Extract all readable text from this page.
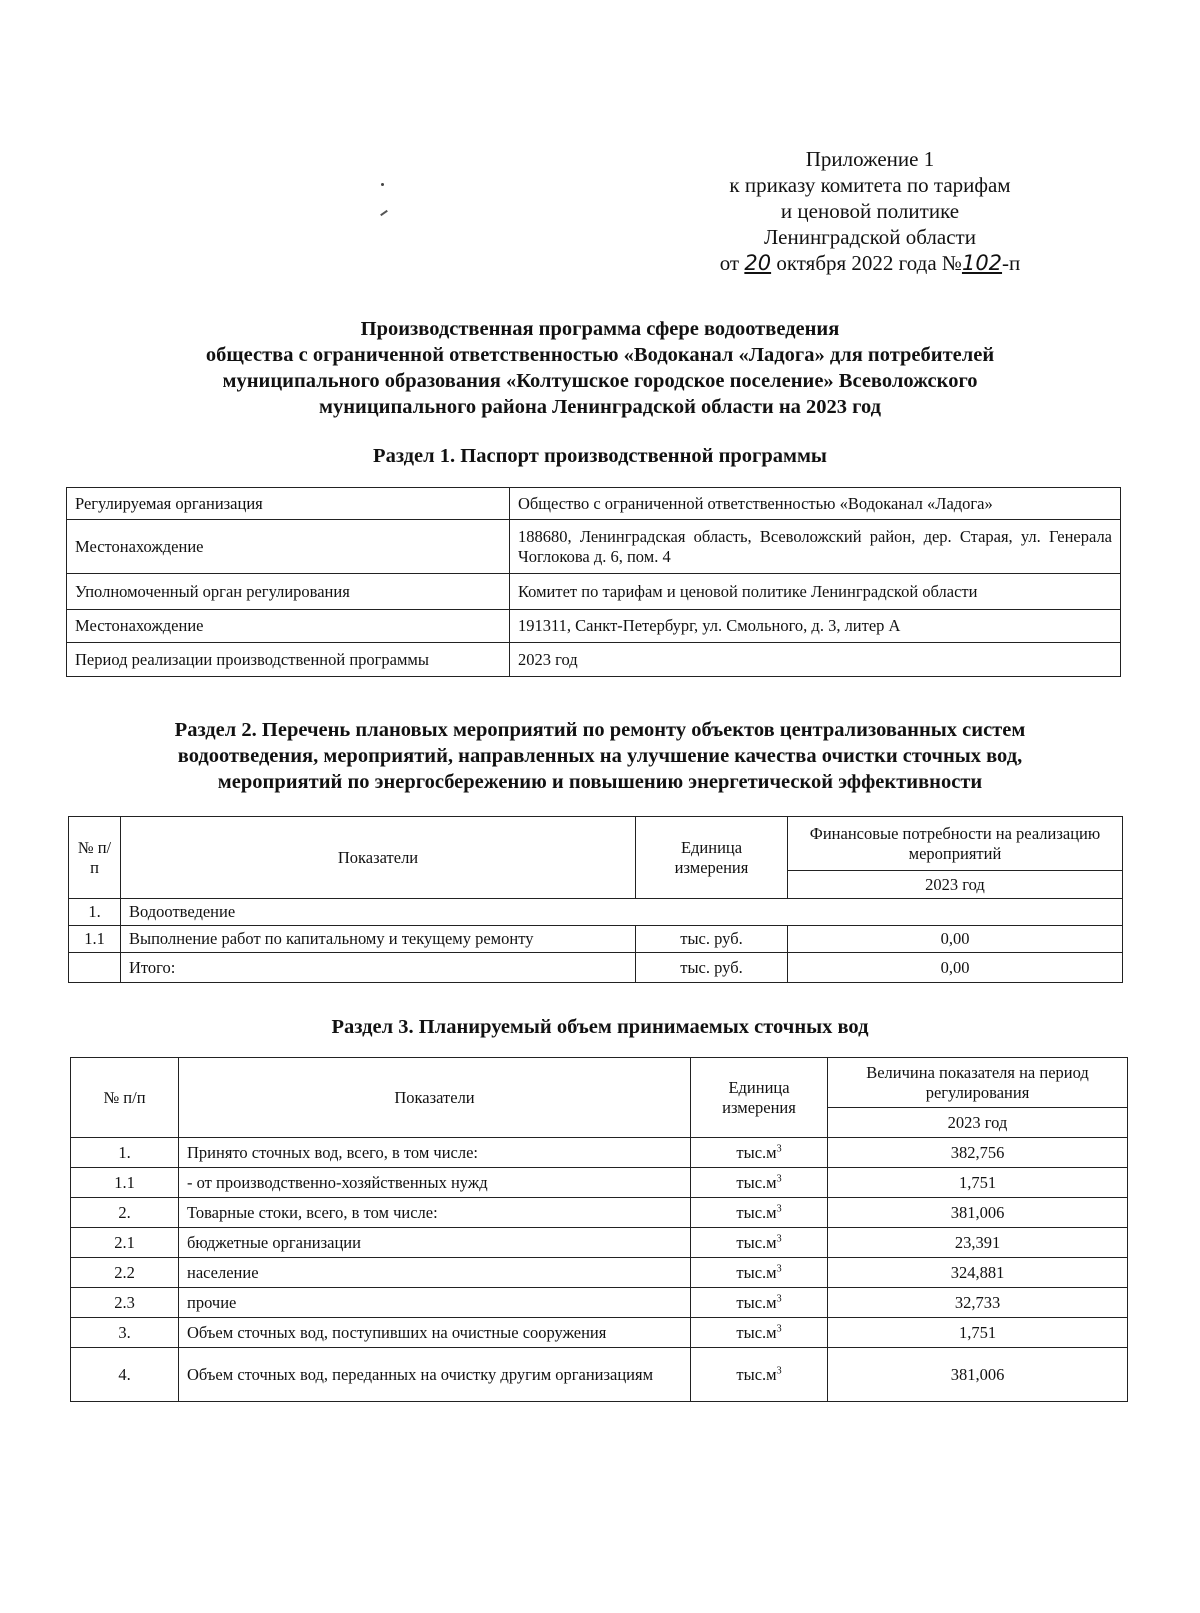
Приложение 1
к приказу комитета по тарифам
и ценовой политике
Ленинградской области
от 20 октября 2022 года №102-п
Производственная программа сфере водоотведения
общества с ограниченной ответственностью «Водоканал «Ладога» для потребителей
муниципального образования «Колтушское городское поселение» Всеволожского
муниципального района Ленинградской области на 2023 год
Раздел 1. Паспорт производственной программы
Регулируемая организация	Общество с ограниченной ответственностью «Водоканал «Ладога»
Местонахождение	188680, Ленинградская область, Всеволожский район, дер. Старая, ул. Генерала Чоглокова д. 6, пом. 4
Уполномоченный орган регулирования	Комитет по тарифам и ценовой политике Ленинградской области
Местонахождение	191311, Санкт-Петербург, ул. Смольного, д. 3, литер А
Период реализации производственной программы	2023 год
Раздел 2. Перечень плановых мероприятий по ремонту объектов централизованных систем
водоотведения, мероприятий, направленных на улучшение качества очистки сточных вод,
мероприятий по энергосбережению и повышению энергетической эффективности
№ п/п	Показатели	Единица измерения	Финансовые потребности на реализацию мероприятий
			2023 год
1.	Водоотведение		
1.1	Выполнение работ по капитальному и текущему ремонту	тыс. руб.	0,00
	Итого:	тыс. руб.	0,00
Раздел 3. Планируемый объем принимаемых сточных вод
№ п/п	Показатели	Единица измерения	Величина показателя на период регулирования
			2023 год
1.	Принято сточных вод, всего, в том числе:	$тыс.м^3$	382,756
1.1	- от производственно-хозяйственных нужд	$тыс.м^3$	1,751
2.	Товарные стоки, всего, в том числе:	$тыс.м^3$	381,006
2.1	бюджетные организации	$тыс.м^3$	23,391
2.2	население	$тыс.м^3$	324,881
2.3	прочие	$тыс.м^3$	32,733
3.	Объем сточных вод, поступивших на очистные сооружения	$тыс.м^3$	1,751
4.	Объем сточных вод, переданных на очистку другим организациям	$тыс.м^3$	381,006
